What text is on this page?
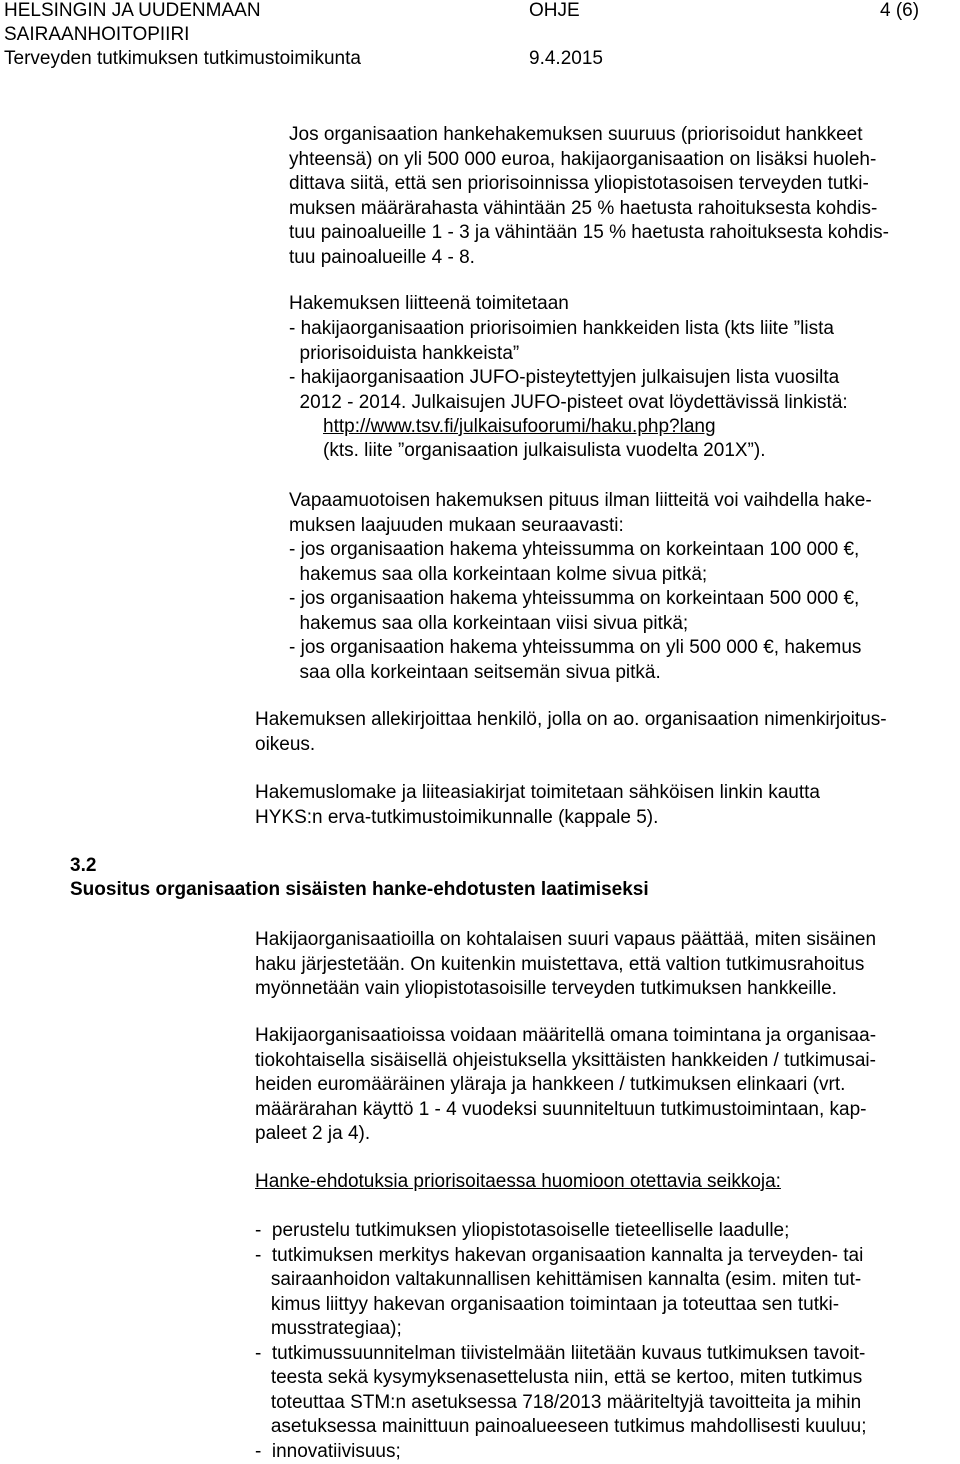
HELSINGIN JA UUDENMAAN
SAIRAANHOITOPIIRI
Terveyden tutkimuksen tutkimustoimikunta
OHJE
9.4.2015
4 (6)
Jos organisaation hankehakemuksen suuruus (priorisoidut hankkeet
yhteensä) on yli 500 000 euroa, hakijaorganisaation on lisäksi huoleh-
dittava siitä, että sen priorisoinnissa yliopistotasoisen terveyden tutki-
muksen määrärahasta vähintään 25 % haetusta rahoituksesta kohdis-
tuu painoalueille 1 - 3 ja vähintään 15 % haetusta rahoituksesta kohdis-
tuu painoalueille 4 - 8.
Hakemuksen liitteenä toimitetaan
- hakijaorganisaation priorisoimien hankkeiden lista (kts liite ”lista
priorisoiduista hankkeista”
- hakijaorganisaation JUFO-pisteytettyjen julkaisujen lista vuosilta
2012 - 2014. Julkaisujen JUFO-pisteet ovat löydettävissä linkistä:
http://www.tsv.fi/julkaisufoorumi/haku.php?lang
(kts. liite ”organisaation julkaisulista vuodelta 201X”).
Vapaamuotoisen hakemuksen pituus ilman liitteitä voi vaihdella hake-
muksen laajuuden mukaan seuraavasti:
- jos organisaation hakema yhteissumma on korkeintaan 100 000 €,
hakemus saa olla korkeintaan kolme sivua pitkä;
- jos organisaation hakema yhteissumma on korkeintaan 500 000 €,
hakemus saa olla korkeintaan viisi sivua pitkä;
- jos organisaation hakema yhteissumma on yli 500 000 €, hakemus
saa olla korkeintaan seitsemän sivua pitkä.
Hakemuksen allekirjoittaa henkilö, jolla on ao. organisaation nimenkirjoitus-
oikeus.
Hakemuslomake ja liiteasiakirjat toimitetaan sähköisen linkin kautta
HYKS:n erva-tutkimustoimikunnalle (kappale 5).
3.2
Suositus organisaation sisäisten hanke-ehdotusten laatimiseksi
Hakijaorganisaatioilla on kohtalaisen suuri vapaus päättää, miten sisäinen
haku järjestetään. On kuitenkin muistettava, että valtion tutkimusrahoitus
myönnetään vain yliopistotasoisille terveyden tutkimuksen hankkeille.
Hakijaorganisaatioissa voidaan määritellä omana toimintana ja organisaa-
tiokohtaisella sisäisellä ohjeistuksella yksittäisten hankkeiden / tutkimusai-
heiden euromääräinen yläraja ja hankkeen / tutkimuksen elinkaari (vrt.
määrärahan käyttö 1 - 4 vuodeksi suunniteltuun tutkimustoimintaan, kap-
paleet 2 ja 4).
Hanke-ehdotuksia priorisoitaessa huomioon otettavia seikkoja:
-  perustelu tutkimuksen yliopistotasoiselle tieteelliselle laadulle;
-  tutkimuksen merkitys hakevan organisaation kannalta ja terveyden- tai
sairaanhoidon valtakunnallisen kehittämisen kannalta (esim. miten tut-
kimus liittyy hakevan organisaation toimintaan ja toteuttaa sen tutki-
musstrategiaa);
-  tutkimussuunnitelman tiivistelmään liitetään kuvaus tutkimuksen tavoit-
teesta sekä kysymyksenasettelusta niin, että se kertoo, miten tutkimus
toteuttaa STM:n asetuksessa 718/2013 määriteltyjä tavoitteita ja mihin
asetuksessa mainittuun painoalueeseen tutkimus mahdollisesti kuuluu;
-  innovatiivisuus;
